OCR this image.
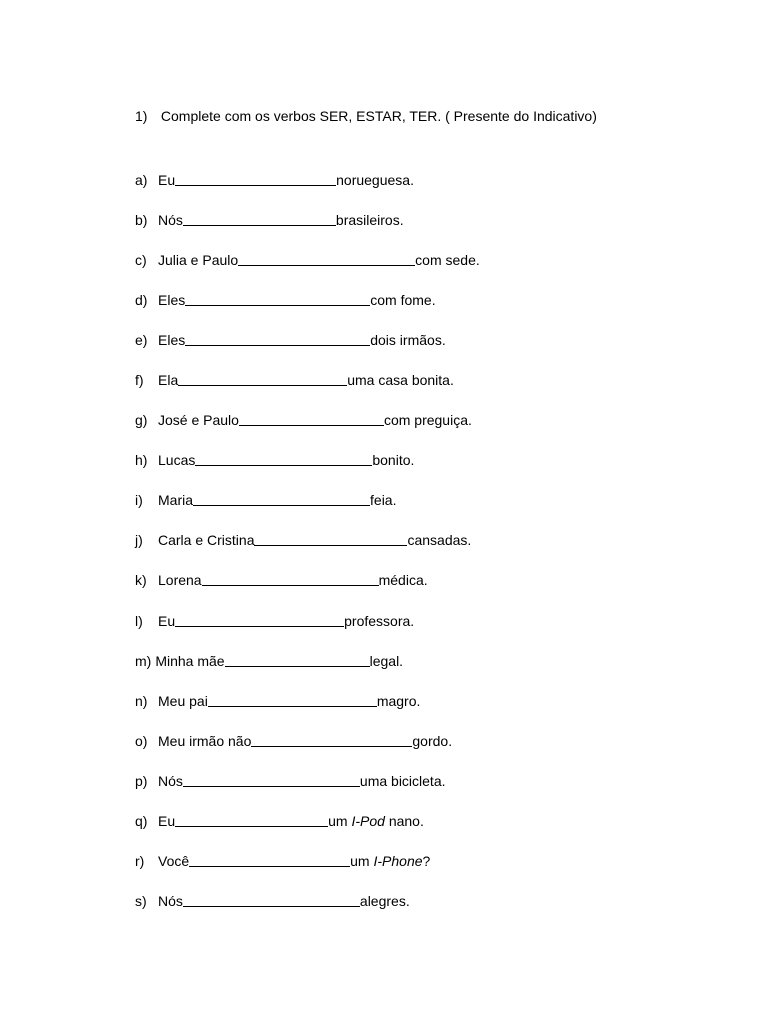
1) Complete com os verbos SER, ESTAR, TER. ( Presente do Indicativo)
a) Eu	norueguesa.
b) Nós	brasileiros.
c) Julia e Paulo	com sede.
d) Eles	com fome.
e) Eles	dois irmãos.
f) Ela	uma casa bonita.
g) José e Paulo	com preguiça.
h) Lucas	bonito.
i) Maria	feia.
j) Carla e Cristina	cansadas.
k) Lorena	médica.
l) Eu	professora.
m) Minha mãe	legal.
n) Meu pai	magro.
o) Meu irmão não	gordo.
p) Nós	uma bicicleta.
q) Eu	um I-Pod nano.
r) Você	um I-Phone?
s) Nós	alegres.
